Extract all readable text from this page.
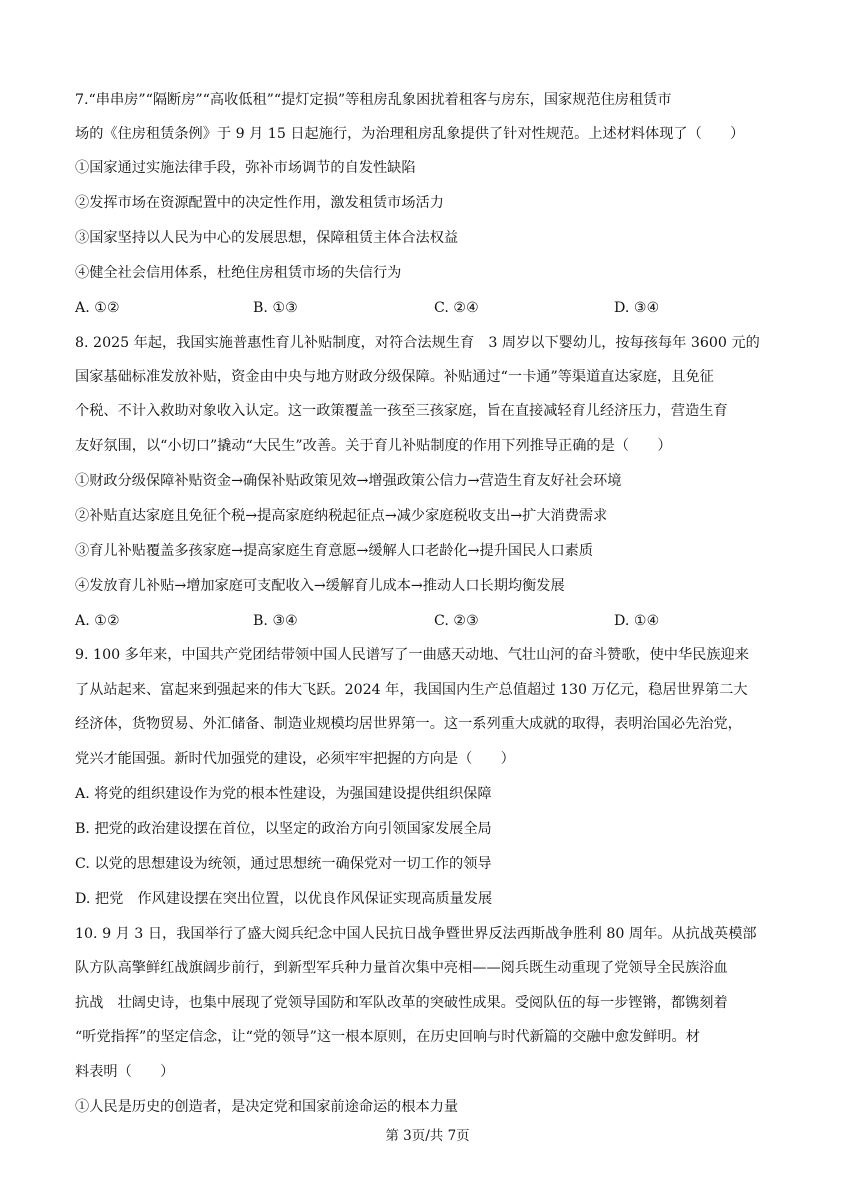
7.“串串房”“隔断房”“高收低租”“提灯定损”等租房乱象困扰着租客与房东，国家规范住房租赁市
场的《住房租赁条例》于 9 月 15 日起施行，为治理租房乱象提供了针对性规范。上述材料体现了（　　）
①国家通过实施法律手段，弥补市场调节的自发性缺陷
②发挥市场在资源配置中的决定性作用，激发租赁市场活力
③国家坚持以人民为中心的发展思想，保障租赁主体合法权益
④健全社会信用体系，杜绝住房租赁市场的失信行为
A. ①②	B. ①③	C. ②④	D. ③④
8. 2025 年起，我国实施普惠性育儿补贴制度，对符合法规生育　3 周岁以下婴幼儿，按每孩每年 3600 元的
国家基础标准发放补贴，资金由中央与地方财政分级保障。补贴通过“一卡通”等渠道直达家庭，且免征
个税、不计入救助对象收入认定。这一政策覆盖一孩至三孩家庭，旨在直接减轻育儿经济压力，营造生育
友好氛围，以“小切口”撬动“大民生”改善。关于育儿补贴制度的作用下列推导正确的是（　　）
①财政分级保障补贴资金→确保补贴政策见效→增强政策公信力→营造生育友好社会环境
②补贴直达家庭且免征个税→提高家庭纳税起征点→减少家庭税收支出→扩大消费需求
③育儿补贴覆盖多孩家庭→提高家庭生育意愿→缓解人口老龄化→提升国民人口素质
④发放育儿补贴→增加家庭可支配收入→缓解育儿成本→推动人口长期均衡发展
A. ①②	B. ③④	C. ②③	D. ①④
9. 100 多年来，中国共产党团结带领中国人民谱写了一曲感天动地、气壮山河的奋斗赞歌，使中华民族迎来
了从站起来、富起来到强起来的伟大飞跃。2024 年，我国国内生产总值超过 130 万亿元，稳居世界第二大
经济体，货物贸易、外汇储备、制造业规模均居世界第一。这一系列重大成就的取得，表明治国必先治党，
党兴才能国强。新时代加强党的建设，必须牢牢把握的方向是（　　）
A. 将党的组织建设作为党的根本性建设，为强国建设提供组织保障
B. 把党的政治建设摆在首位，以坚定的政治方向引领国家发展全局
C. 以党的思想建设为统领，通过思想统一确保党对一切工作的领导
D. 把党　作风建设摆在突出位置，以优良作风保证实现高质量发展
10. 9 月 3 日，我国举行了盛大阅兵纪念中国人民抗日战争暨世界反法西斯战争胜利 80 周年。从抗战英模部
队方队高擎鲜红战旗阔步前行，到新型军兵种力量首次集中亮相——阅兵既生动重现了党领导全民族浴血
抗战　壮阔史诗，也集中展现了党领导国防和军队改革的突破性成果。受阅队伍的每一步铿锵，都镌刻着
“听党指挥”的坚定信念，让“党的领导”这一根本原则，在历史回响与时代新篇的交融中愈发鲜明。材
料表明（　　）
①人民是历史的创造者，是决定党和国家前途命运的根本力量
第 3页/共 7页
